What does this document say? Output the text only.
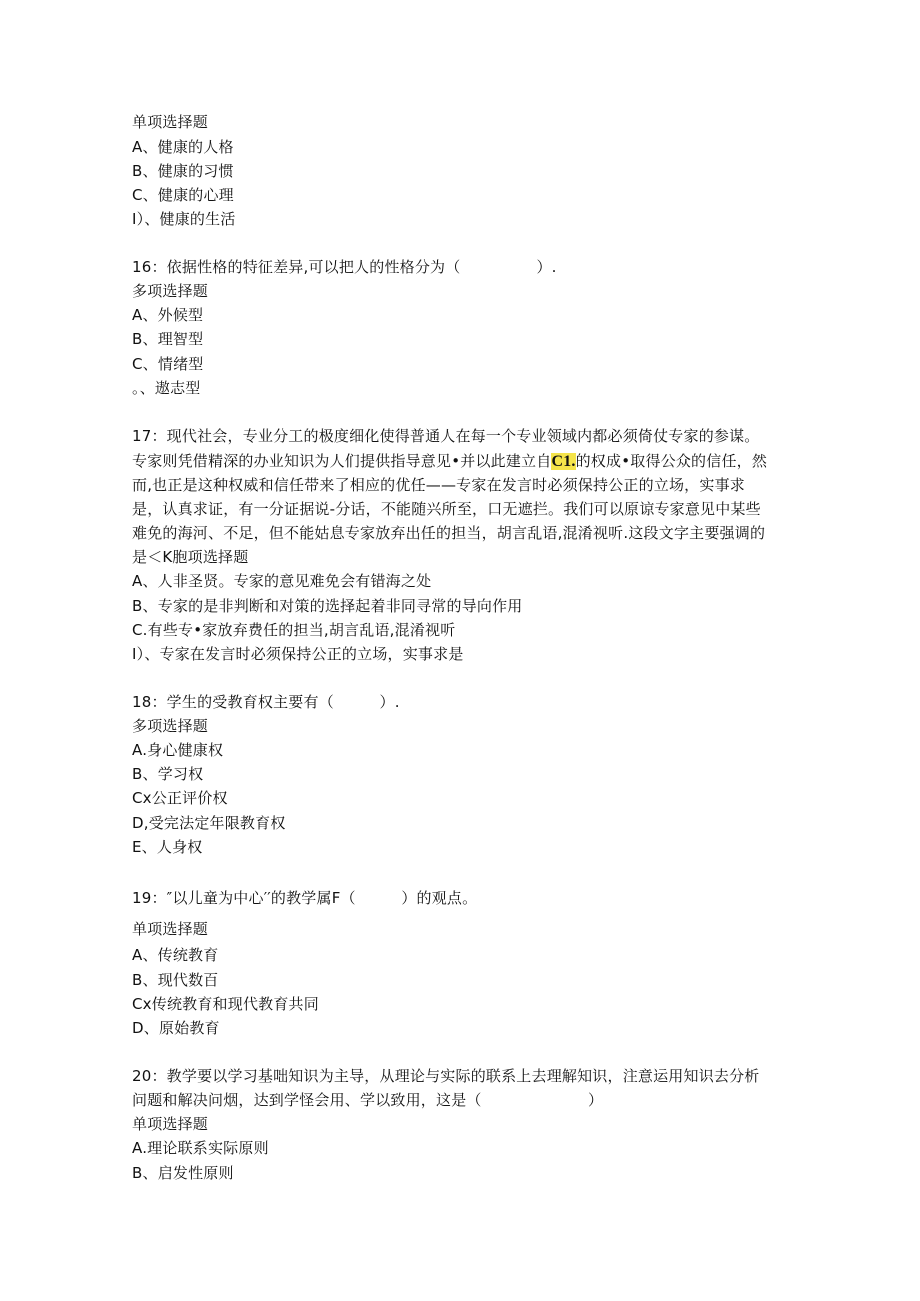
单项选择题
A、健康的人格
B、健康的习惯
C、健康的心理
I）、健康的生活
16：依据性格的特征差异,可以把人的性格分为（　　　　　）.
多项选择题
A、外候型
B、理智型
C、情绪型
。、遨志型
17：现代社会，专业分工的极度细化使得普通人在每一个专业领域内都必须倚仗专家的参谋。
专家则凭借精深的办业知识为人们提供指导意见•并以此建立自C1.的权成•取得公众的信任，然
而,也正是这种权威和信任带来了相应的优任——专家在发言时必须保持公正的立场，实事求
是，认真求证，有一分证据说-分话，不能随兴所至，口无遮拦。我们可以原谅专家意见中某些
难免的海河、不足，但不能姑息专家放弃出任的担当，胡言乱语,混淆视听.这段文字主要强调的
是＜K胞项选择题
A、人非圣贤。专家的意见难免会有错海之处
B、专家的是非判断和对策的选择起着非同寻常的导向作用
C.有些专•家放弃费任的担当,胡言乱语,混淆视听
I）、专家在发言时必须保持公正的立场，实事求是
18：学生的受教育权主要有（　　　）.
多项选择题
A.身心健康权
B、学习权
Cx公正评价权
D,受完法定年限教育权
E、人身权
19：″以儿童为中心′′的教学属F（　　　）的观点。
单项选择题
A、传统教育
B、现代数百
Cx传统教育和现代教育共同
D、原始教育
20：教学要以学习基咄知识为主导，从理论与实际的联系上去理解知识，注意运用知识去分析
问题和解决问烟，达到学怪会用、学以致用，这是（　　　　　　　）
单项选择题
A.理论联系实际原则
B、启发性原则
